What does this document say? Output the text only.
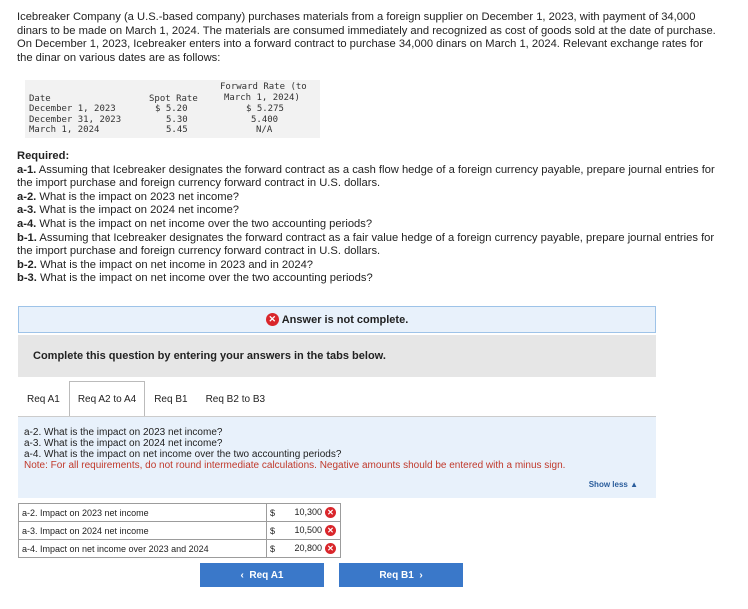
Icebreaker Company (a U.S.-based company) purchases materials from a foreign supplier on December 1, 2023, with payment of 34,000 dinars to be made on March 1, 2024. The materials are consumed immediately and recognized as cost of goods sold at the date of purchase. On December 1, 2023, Icebreaker enters into a forward contract to purchase 34,000 dinars on March 1, 2024. Relevant exchange rates for the dinar on various dates are as follows:

Date	Spot Rate
Forward Rate (to
March 1, 2024)
December 1, 2023	$ 5.20	$ 5.275
December 31, 2023	5.30	5.400
March 1, 2024	5.45	N/A

Required:

a-1. Assuming that Icebreaker designates the forward contract as a cash flow hedge of a foreign currency payable, prepare journal entries for the import purchase and foreign currency forward contract in U.S. dollars.

a-2. What is the impact on 2023 net income?

a-3. What is the impact on 2024 net income?

a-4. What is the impact on net income over the two accounting periods?

b-1. Assuming that Icebreaker designates the forward contract as a fair value hedge of a foreign currency payable, prepare journal entries for the import purchase and foreign currency forward contract in U.S. dollars.

b-2. What is the impact on net income in 2023 and in 2024?

b-3. What is the impact on net income over the two accounting periods?

✕ Answer is not complete.
Complete this question by entering your answers in the tabs below.
Req A1	Req A2 to A4	Req B1	Req B2 to B3

a-2. What is the impact on 2023 net income?

a-3. What is the impact on 2024 net income?

a-4. What is the impact on net income over the two accounting periods?

Note: For all requirements, do not round intermediate calculations. Negative amounts should be entered with a minus sign.

Show less ▲
a-2. Impact on 2023 net income	$	10,300 ✕
a-3. Impact on 2024 net income	$	10,500 ✕
a-4. Impact on net income over 2023 and 2024	$	20,800 ✕
‹ Req A1	Req B1 ›
